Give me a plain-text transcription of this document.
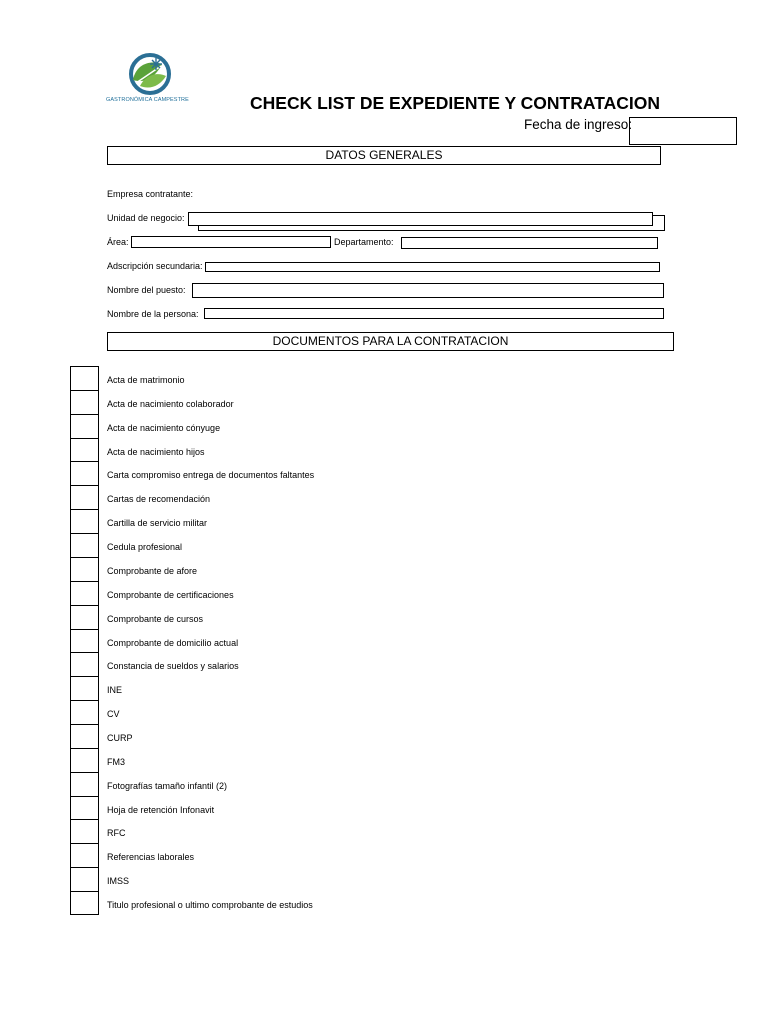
GASTRONÓMICA CAMPESTRE	CHECK LIST DE EXPEDIENTE Y CONTRATACION
Fecha de ingreso:
DATOS GENERALES
Empresa contratante:
Unidad de negocio:
Área:	Departamento:
Adscripción secundaria:
Nombre del puesto:
Nombre de la persona:
DOCUMENTOS PARA LA CONTRATACION
Acta de matrimonio
Acta de nacimiento colaborador
Acta de nacimiento cónyuge
Acta de nacimiento hijos
Carta compromiso entrega de documentos faltantes
Cartas de recomendación
Cartilla de servicio militar
Cedula profesional
Comprobante de afore
Comprobante de certificaciones
Comprobante de cursos
Comprobante de domicilio actual
Constancia de sueldos y salarios
INE
CV
CURP
FM3
Fotografías tamaño infantil (2)
Hoja de retención Infonavit
RFC
Referencias laborales
IMSS
Titulo profesional o ultimo comprobante de estudios
